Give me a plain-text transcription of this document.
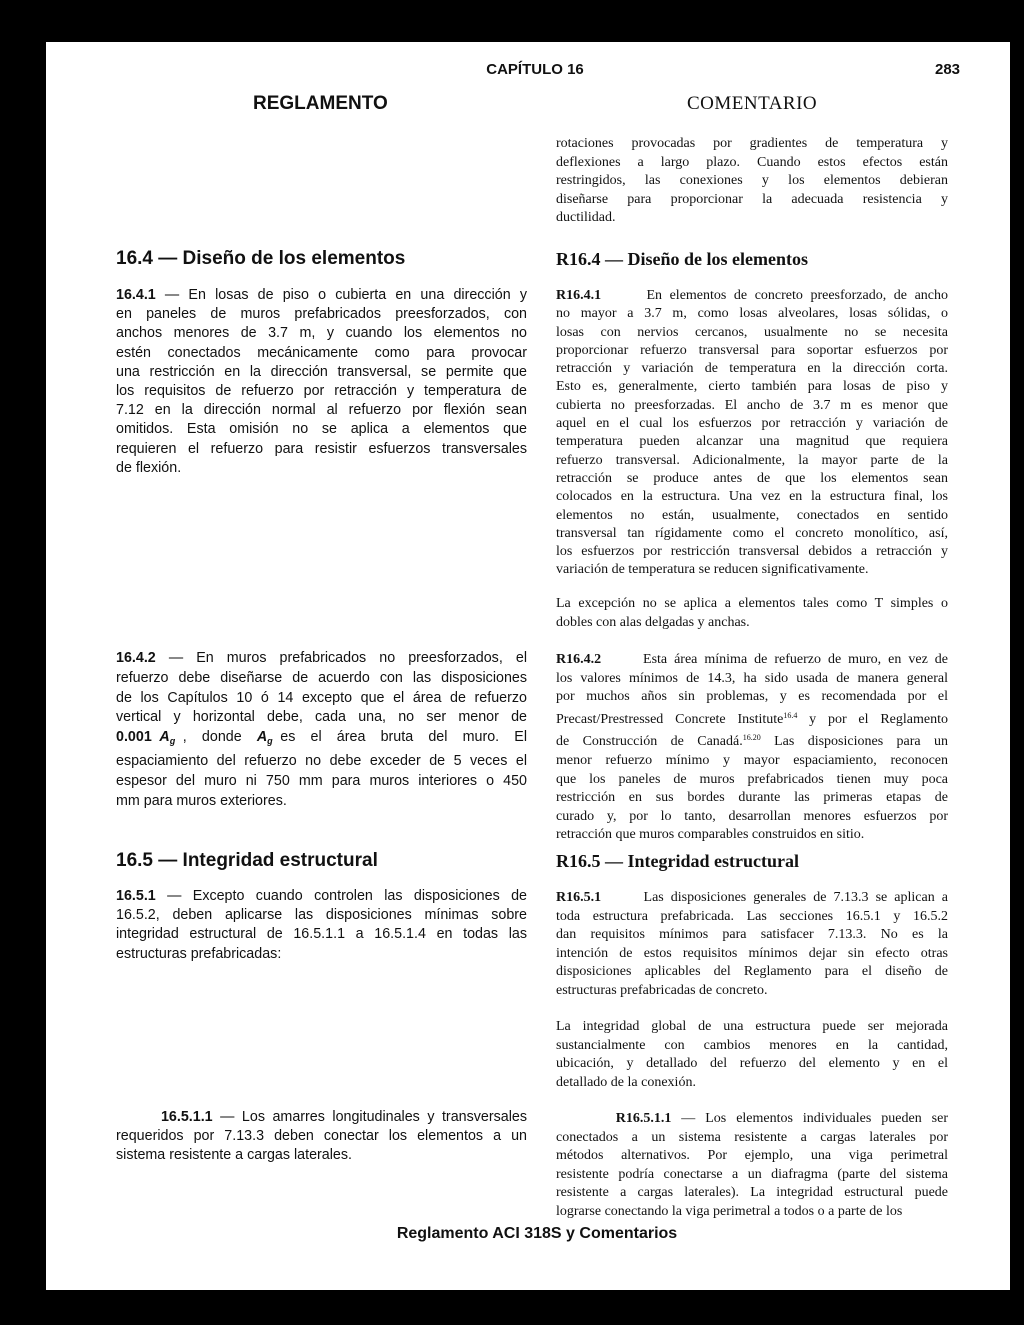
CAPÍTULO 16	283
REGLAMENTO	COMENTARIO
rotaciones provocadas por gradientes de temperatura y
deflexiones a largo plazo. Cuando estos efectos están
restringidos, las conexiones y los elementos debieran
diseñarse para proporcionar la adecuada resistencia y
ductilidad.
16.4 — Diseño de los elementos	R16.4 — Diseño de los elementos
16.4.1 — En losas de piso o cubierta en una dirección y
en paneles de muros prefabricados preesforzados, con
anchos menores de 3.7 m, y cuando los elementos no
estén conectados mecánicamente como para provocar
una restricción en la dirección transversal, se permite que
los requisitos de refuerzo por retracción y temperatura de
7.12 en la dirección normal al refuerzo por flexión sean
omitidos. Esta omisión no se aplica a elementos que
requieren el refuerzo para resistir esfuerzos transversales
de flexión.
R16.4.1      En elementos de concreto preesforzado, de ancho
no mayor a 3.7 m, como losas alveolares, losas sólidas, o
losas con nervios cercanos, usualmente no se necesita
proporcionar refuerzo transversal para soportar esfuerzos por
retracción y variación de temperatura en la dirección corta.
Esto es, generalmente, cierto también para losas de piso y
cubierta no preesforzadas. El ancho de 3.7 m es menor que
aquel en el cual los esfuerzos por retracción y variación de
temperatura pueden alcanzar una magnitud que requiera
refuerzo transversal. Adicionalmente, la mayor parte de la
retracción se produce antes de que los elementos sean
colocados en la estructura. Una vez en la estructura final, los
elementos no están, usualmente, conectados en sentido
transversal tan rígidamente como el concreto monolítico, así,
los esfuerzos por restricción transversal debidos a retracción y
variación de temperatura se reducen significativamente.
La excepción no se aplica a elementos tales como T simples o
dobles con alas delgadas y anchas.
16.4.2 — En muros prefabricados no preesforzados, el
refuerzo debe diseñarse de acuerdo con las disposiciones
de los Capítulos 10 ó 14 excepto que el área de refuerzo
vertical y horizontal debe, cada una, no ser menor de
0.001 $A_g$ ,  donde  $A_g$ es  el  área  bruta  del  muro.  El
espaciamiento del refuerzo no debe exceder de 5 veces el
espesor del muro ni 750 mm para muros interiores o 450
mm para muros exteriores.
R16.4.2      Esta área mínima de refuerzo de muro, en vez de
los valores mínimos de 14.3, ha sido usada de manera general
por muchos años sin problemas, y es recomendada por el
Precast/Prestressed Concrete Institute$^{16.4}$ y por el Reglamento
de Construcción de Canadá.$^{16.20}$ Las disposiciones para un
menor refuerzo mínimo y mayor espaciamiento, reconocen
que los paneles de muros prefabricados tienen muy poca
restricción en sus bordes durante las primeras etapas de
curado y, por lo tanto, desarrollan menores esfuerzos por
retracción que muros comparables construidos en sitio.
16.5 — Integridad estructural	R16.5 — Integridad estructural
16.5.1 — Excepto cuando controlen las disposiciones de
16.5.2, deben aplicarse las disposiciones mínimas sobre
integridad estructural de 16.5.1.1 a 16.5.1.4 en todas las
estructuras prefabricadas:
R16.5.1      Las disposiciones generales de 7.13.3 se aplican a
toda estructura prefabricada. Las secciones 16.5.1 y 16.5.2
dan requisitos mínimos para satisfacer 7.13.3. No es la
intención de estos requisitos mínimos dejar sin efecto otras
disposiciones aplicables del Reglamento para el diseño de
estructuras prefabricadas de concreto.
La integridad global de una estructura puede ser mejorada
sustancialmente con cambios menores en la cantidad,
ubicación, y detallado del refuerzo del elemento y en el
detallado de la conexión.
16.5.1.1 — Los amarres longitudinales y transversales
requeridos por 7.13.3 deben conectar los elementos a un
sistema resistente a cargas laterales.
R16.5.1.1 — Los elementos individuales pueden ser
conectados a un sistema resistente a cargas laterales por
métodos alternativos. Por ejemplo, una viga perimetral
resistente podría conectarse a un diafragma (parte del sistema
resistente a cargas laterales). La integridad estructural puede
lograrse conectando la viga perimetral a todos o a parte de los
Reglamento ACI 318S y Comentarios
